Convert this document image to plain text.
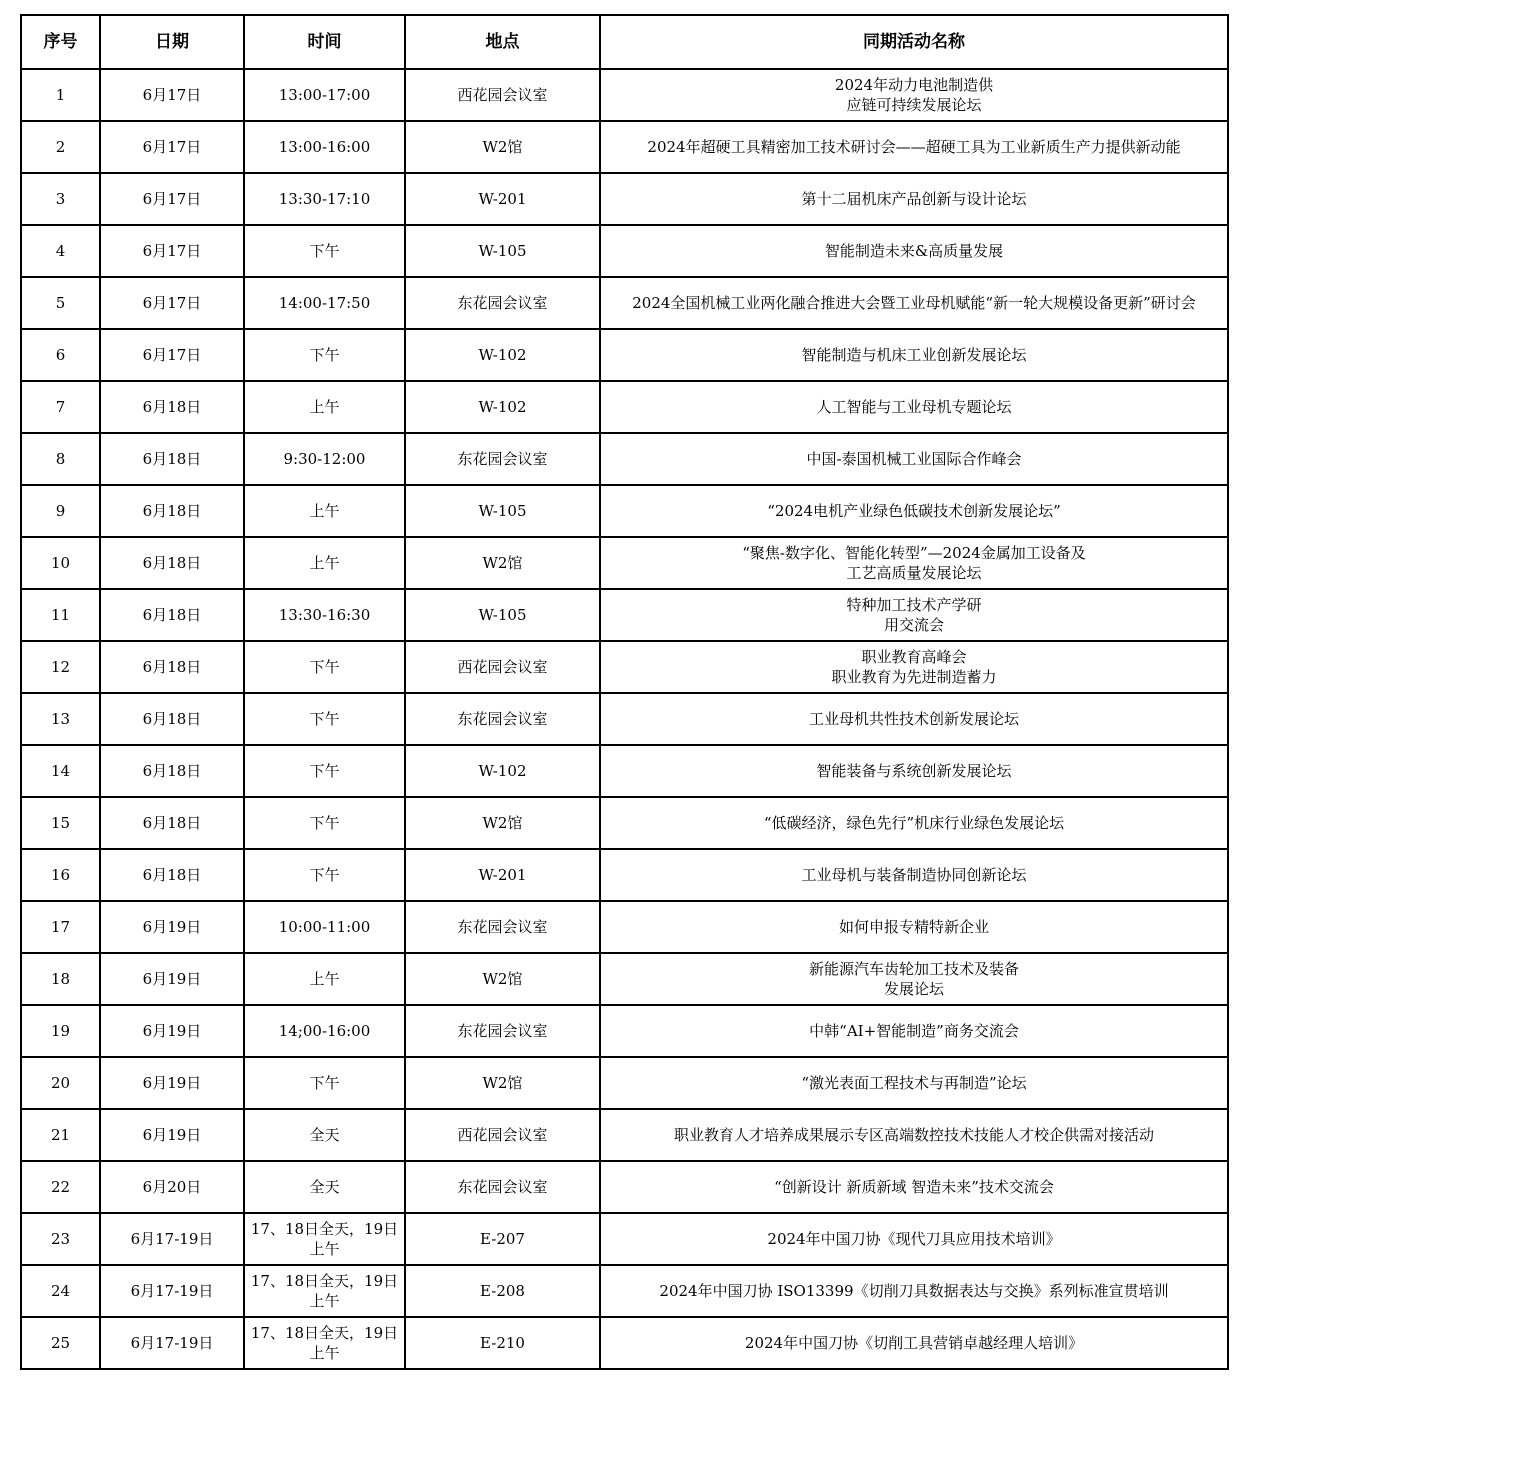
序号	日期	时间	地点	同期活动名称
1	6月17日	13:00-17:00	西花园会议室	2024年动力电池制造供
应链可持续发展论坛
2	6月17日	13:00-16:00	W2馆	2024年超硬工具精密加工技术研讨会——超硬工具为工业新质生产力提供新动能
3	6月17日	13:30-17:10	W-201	第十二届机床产品创新与设计论坛
4	6月17日	下午	W-105	智能制造未来&高质量发展
5	6月17日	14:00-17:50	东花园会议室	2024全国机械工业两化融合推进大会暨工业母机赋能“新一轮大规模设备更新”研讨会
6	6月17日	下午	W-102	智能制造与机床工业创新发展论坛
7	6月18日	上午	W-102	人工智能与工业母机专题论坛
8	6月18日	9:30-12:00	东花园会议室	中国-泰国机械工业国际合作峰会
9	6月18日	上午	W-105	“2024电机产业绿色低碳技术创新发展论坛”
10	6月18日	上午	W2馆	“聚焦-数字化、智能化转型”—2024金属加工设备及
工艺高质量发展论坛
11	6月18日	13:30-16:30	W-105	特种加工技术产学研
用交流会
12	6月18日	下午	西花园会议室	职业教育高峰会
职业教育为先进制造蓄力
13	6月18日	下午	东花园会议室	工业母机共性技术创新发展论坛
14	6月18日	下午	W-102	智能装备与系统创新发展论坛
15	6月18日	下午	W2馆	“低碳经济，绿色先行”机床行业绿色发展论坛
16	6月18日	下午	W-201	工业母机与装备制造协同创新论坛
17	6月19日	10:00-11:00	东花园会议室	如何申报专精特新企业
18	6月19日	上午	W2馆	新能源汽车齿轮加工技术及装备
发展论坛
19	6月19日	14;00-16:00	东花园会议室	中韩“AI+智能制造”商务交流会
20	6月19日	下午	W2馆	“激光表面工程技术与再制造”论坛
21	6月19日	全天	西花园会议室	职业教育人才培养成果展示专区高端数控技术技能人才校企供需对接活动
22	6月20日	全天	东花园会议室	“创新设计 新质新域 智造未来”技术交流会
23	6月17-19日	17、18日全天，19日上午	E-207	2024年中国刀协《现代刀具应用技术培训》
24	6月17-19日	17、18日全天，19日上午	E-208	2024年中国刀协 ISO13399《切削刀具数据表达与交换》系列标准宣贯培训
25	6月17-19日	17、18日全天，19日上午	E-210	2024年中国刀协《切削工具营销卓越经理人培训》
